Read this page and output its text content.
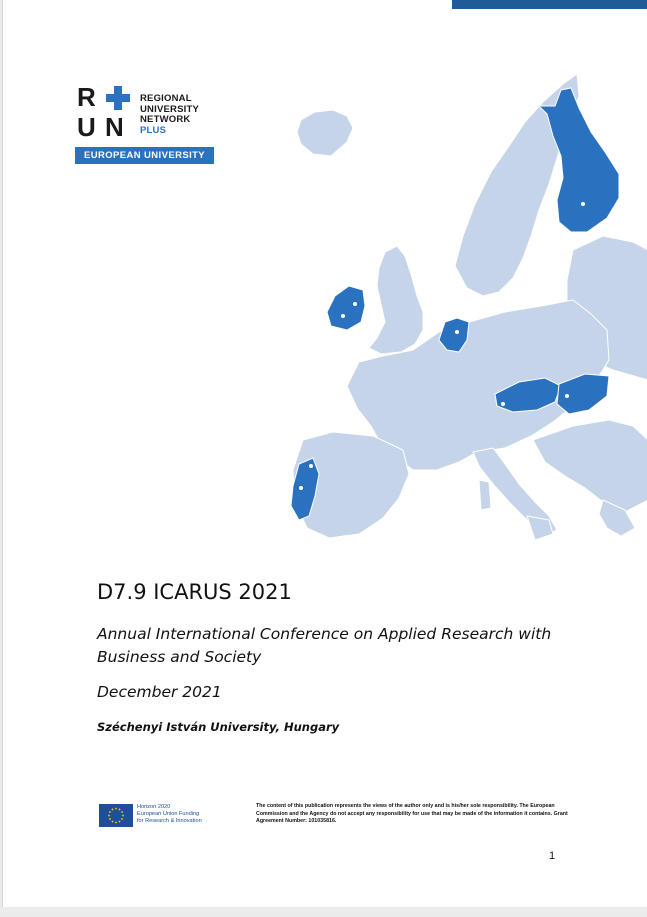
R
U N
REGIONAL
UNIVERSITY
NETWORK
PLUS
EUROPEAN UNIVERSITY
D7.9 ICARUS 2021
Annual International Conference on Applied Research with Business and Society
December 2021
Széchenyi István University, Hungary
Horizon 2020
European Union Funding
for Research & Innovation
The content of this publication represents the views of the author only and is his/her sole responsibility. The European Commission and the Agency do not accept any responsibility for use that may be made of the information it contains. Grant Agreement Number: 101035816.
1
